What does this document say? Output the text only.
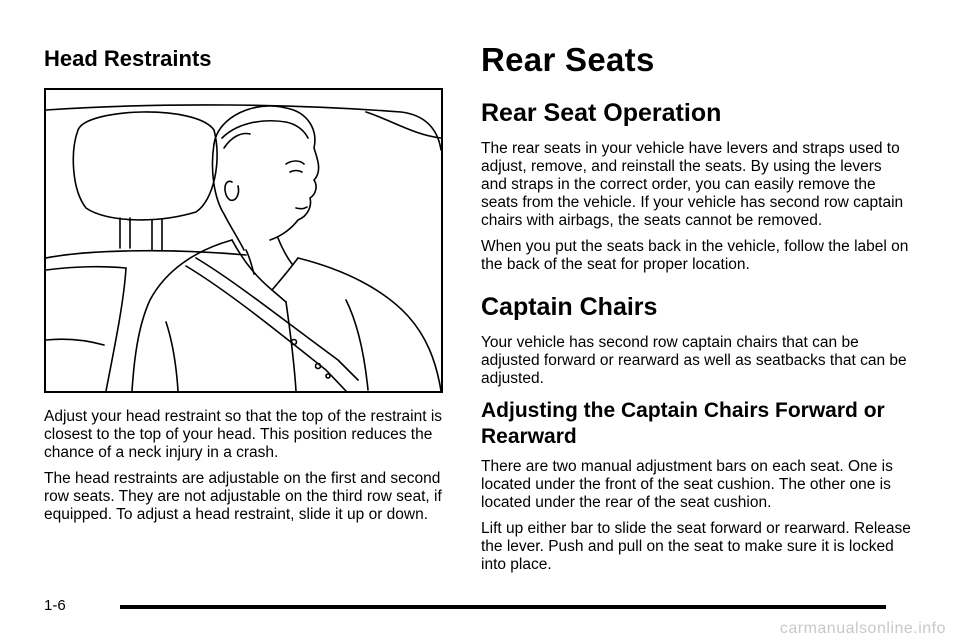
Head Restraints

Adjust your head restraint so that the top of the restraint is closest to the top of your head. This position reduces the chance of a neck injury in a crash.

The head restraints are adjustable on the first and second row seats. They are not adjustable on the third row seat, if equipped. To adjust a head restraint, slide it up or down.

Rear Seats
Rear Seat Operation

The rear seats in your vehicle have levers and straps used to adjust, remove, and reinstall the seats. By using the levers and straps in the correct order, you can easily remove the seats from the vehicle. If your vehicle has second row captain chairs with airbags, the seats cannot be removed.

When you put the seats back in the vehicle, follow the label on the back of the seat for proper location.

Captain Chairs

Your vehicle has second row captain chairs that can be adjusted forward or rearward as well as seatbacks that can be adjusted.

Adjusting the Captain Chairs Forward or Rearward

There are two manual adjustment bars on each seat. One is located under the front of the seat cushion. The other one is located under the rear of the seat cushion.

Lift up either bar to slide the seat forward or rearward. Release the lever. Push and pull on the seat to make sure it is locked into place.

1-6
carmanualsonline.info
